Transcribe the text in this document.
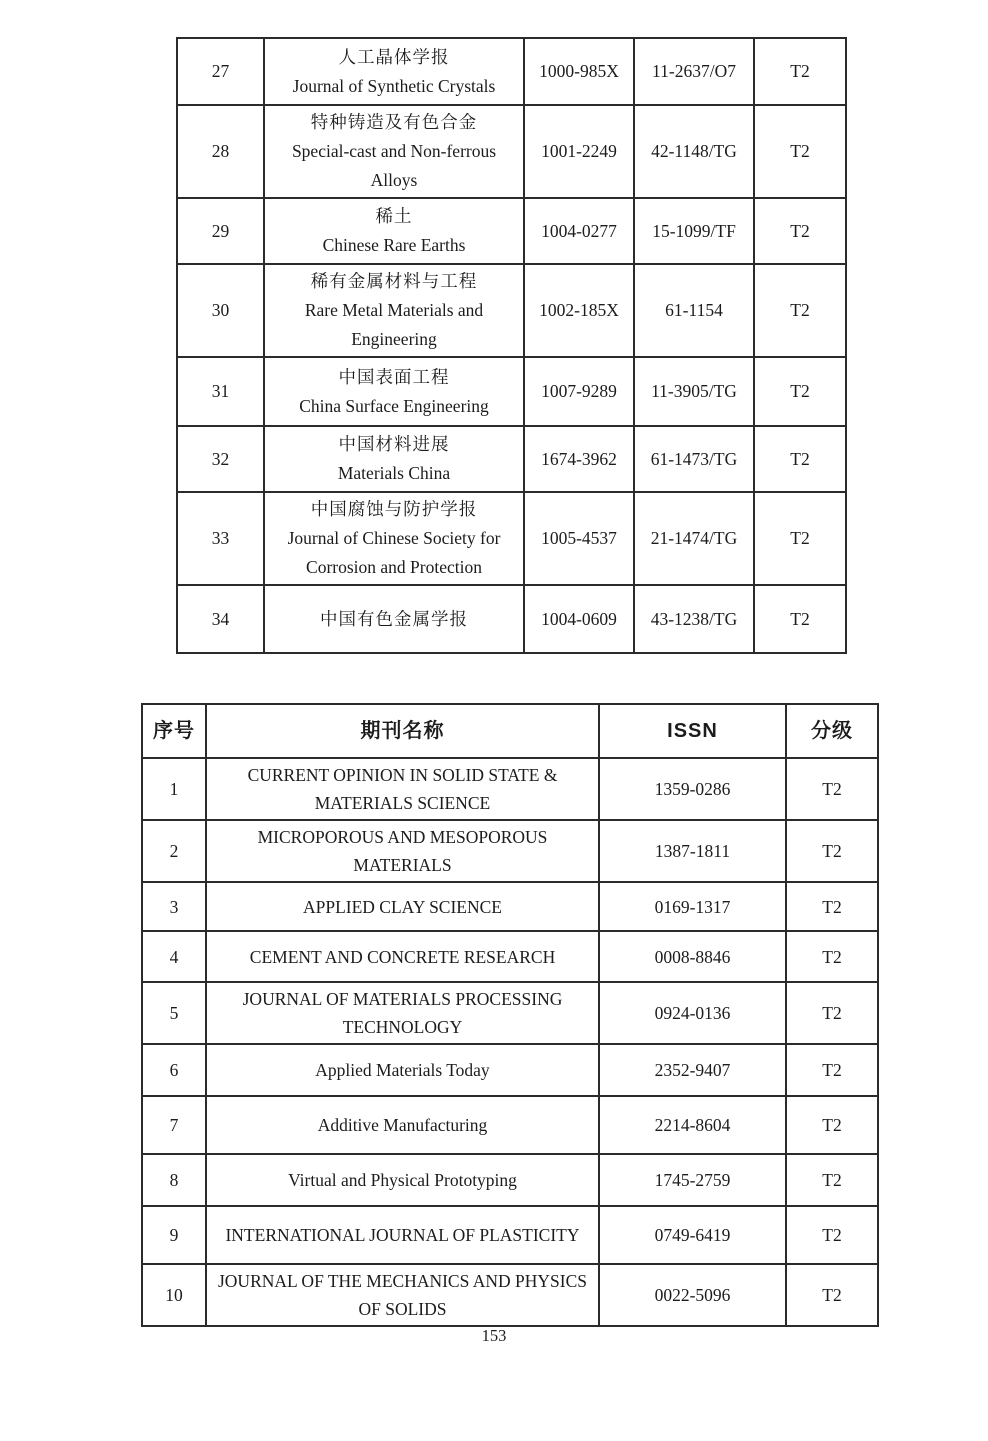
27	人工晶体学报
Journal of Synthetic Crystals	1000-985X	11-2637/O7	T2
28	特种铸造及有色合金
Special-cast and Non-ferrous Alloys	1001-2249	42-1148/TG	T2
29	稀土
Chinese Rare Earths	1004-0277	15-1099/TF	T2
30	稀有金属材料与工程
Rare Metal Materials and Engineering	1002-185X	61-1154	T2
31	中国表面工程
China Surface Engineering	1007-9289	11-3905/TG	T2
32	中国材料进展
Materials China	1674-3962	61-1473/TG	T2
33	中国腐蚀与防护学报
Journal of Chinese Society for Corrosion and Protection	1005-4537	21-1474/TG	T2
34	中国有色金属学报	1004-0609	43-1238/TG	T2
序号	期刊名称	ISSN	分级
1	CURRENT OPINION IN SOLID STATE & MATERIALS SCIENCE	1359-0286	T2
2	MICROPOROUS AND MESOPOROUS MATERIALS	1387-1811	T2
3	APPLIED CLAY SCIENCE	0169-1317	T2
4	CEMENT AND CONCRETE RESEARCH	0008-8846	T2
5	JOURNAL OF MATERIALS PROCESSING TECHNOLOGY	0924-0136	T2
6	Applied Materials Today	2352-9407	T2
7	Additive Manufacturing	2214-8604	T2
8	Virtual and Physical Prototyping	1745-2759	T2
9	INTERNATIONAL JOURNAL OF PLASTICITY	0749-6419	T2
10	JOURNAL OF THE MECHANICS AND PHYSICS OF SOLIDS	0022-5096	T2
153
